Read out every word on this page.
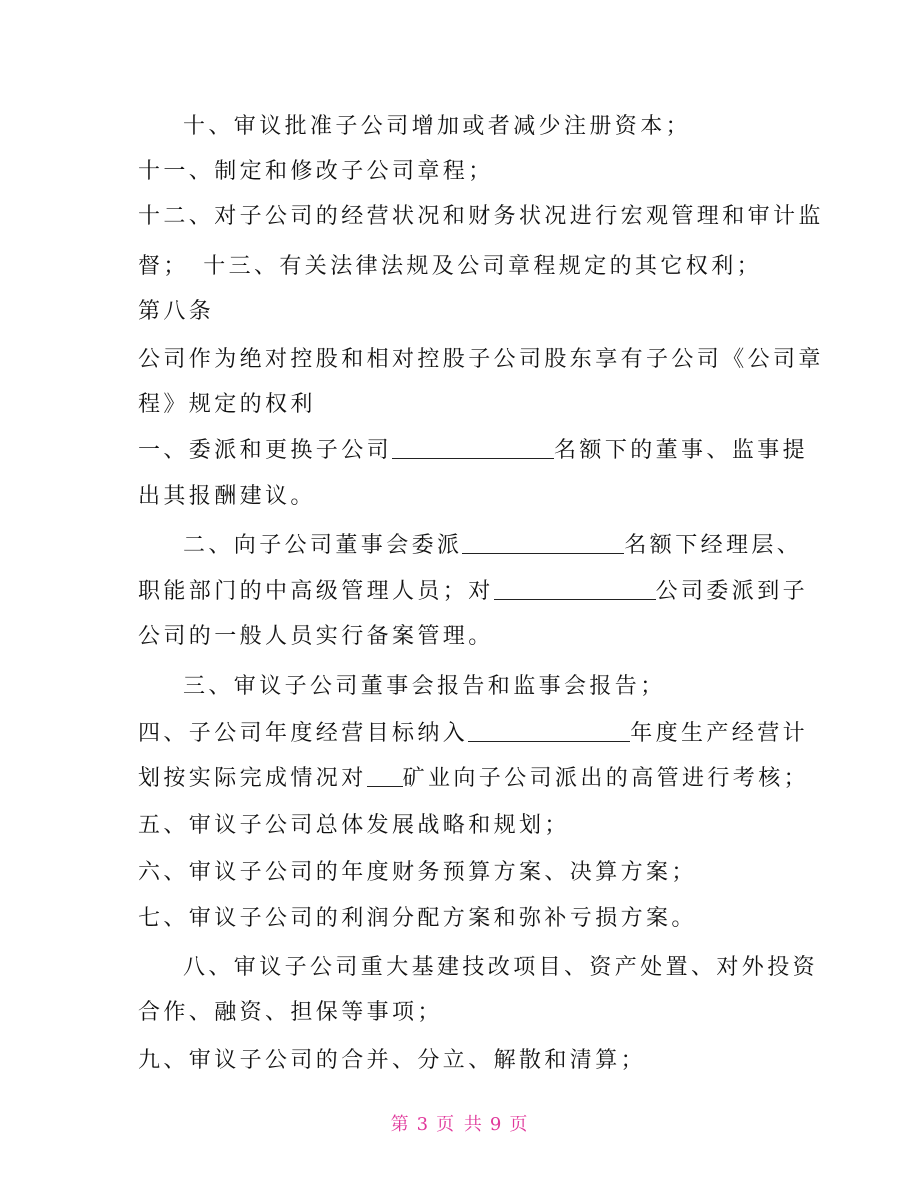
十、审议批准子公司增加或者减少注册资本；
十一、制定和修改子公司章程；
十二、对子公司的经营状况和财务状况进行宏观管理和审计监
督；　十三、有关法律法规及公司章程规定的其它权利；
第八条
公司作为绝对控股和相对控股子公司股东享有子公司《公司章
程》规定的权利
一、委派和更换子公司	名额下的董事、监事提
出其报酬建议。
二、向子公司董事会委派	名额下经理层、
职能部门的中高级管理人员；对	公司委派到子
公司的一般人员实行备案管理。
三、审议子公司董事会报告和监事会报告；
四、子公司年度经营目标纳入	年度生产经营计
划按实际完成情况对 矿业向子公司派出的高管进行考核；
五、审议子公司总体发展战略和规划；
六、审议子公司的年度财务预算方案、决算方案；
七、审议子公司的利润分配方案和弥补亏损方案。
八、审议子公司重大基建技改项目、资产处置、对外投资
合作、融资、担保等事项；
九、审议子公司的合并、分立、解散和清算；
第 3 页 共 9 页
